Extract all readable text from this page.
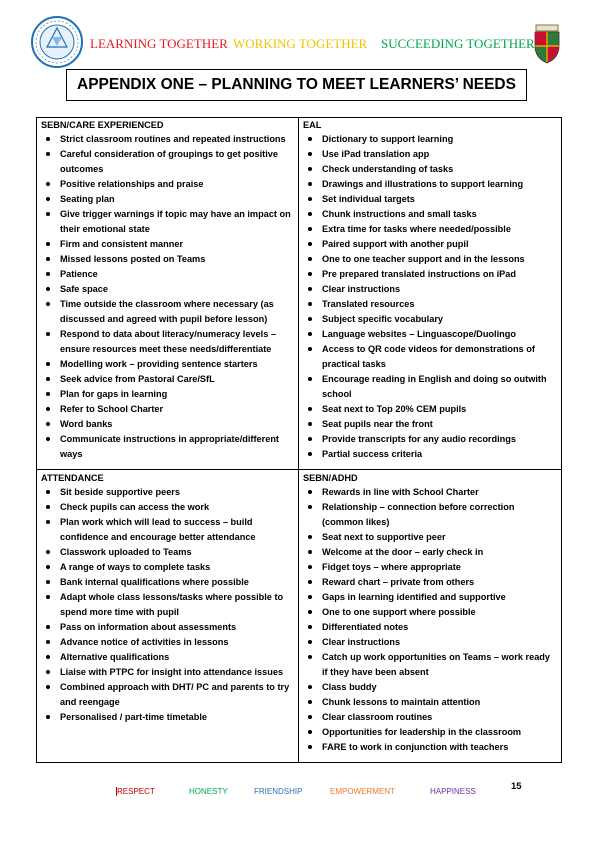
LEARNING TOGETHER WORKING TOGETHER SUCCEEDING TOGETHER
APPENDIX ONE – PLANNING TO MEET LEARNERS’ NEEDS
SEBN/CARE EXPERIENCED
Strict classroom routines and repeated instructions
Careful consideration of groupings to get positive outcomes
Positive relationships and praise
Seating plan
Give trigger warnings if topic may have an impact on their emotional state
Firm and consistent manner
Missed lessons posted on Teams
Patience
Safe space
Time outside the classroom where necessary (as discussed and agreed with pupil before lesson)
Respond to data about literacy/numeracy levels – ensure resources meet these needs/differentiate
Modelling work – providing sentence starters
Seek advice from Pastoral Care/SfL
Plan for gaps in learning
Refer to School Charter
Word banks
Communicate instructions in appropriate/different ways
EAL
Dictionary to support learning
Use iPad translation app
Check understanding of tasks
Drawings and illustrations to support learning
Set individual targets
Chunk instructions and small tasks
Extra time for tasks where needed/possible
Paired support with another pupil
One to one teacher support and in the lessons
Pre prepared translated instructions on iPad
Clear instructions
Translated resources
Subject specific vocabulary
Language websites – Linguascope/Duolingo
Access to QR code videos for demonstrations of practical tasks
Encourage reading in English and doing so outwith school
Seat next to Top 20% CEM pupils
Seat pupils near the front
Provide transcripts for any audio recordings
Partial success criteria
ATTENDANCE
Sit beside supportive peers
Check pupils can access the work
Plan work which will lead to success – build confidence and encourage better attendance
Classwork uploaded to Teams
A range of ways to complete tasks
Bank internal qualifications where possible
Adapt whole class lessons/tasks where possible to spend more time with pupil
Pass on information about assessments
Advance notice of activities in lessons
Alternative qualifications
Liaise with PTPC for insight into attendance issues
Combined approach with DHT/ PC and parents to try and reengage
Personalised / part-time timetable
SEBN/ADHD
Rewards in line with School Charter
Relationship – connection before correction (common likes)
Seat next to supportive peer
Welcome at the door – early check in
Fidget toys – where appropriate
Reward chart – private from others
Gaps in learning identified and supportive
One to one support where possible
Differentiated notes
Clear instructions
Catch up work opportunities on Teams – work ready if they have been absent
Class buddy
Chunk lessons to maintain attention
Clear classroom routines
Opportunities for leadership in the classroom
FARE to work in conjunction with teachers
15
RESPECT	HONESTY	FRIENDSHIP	EMPOWERMENT	HAPPINESS
